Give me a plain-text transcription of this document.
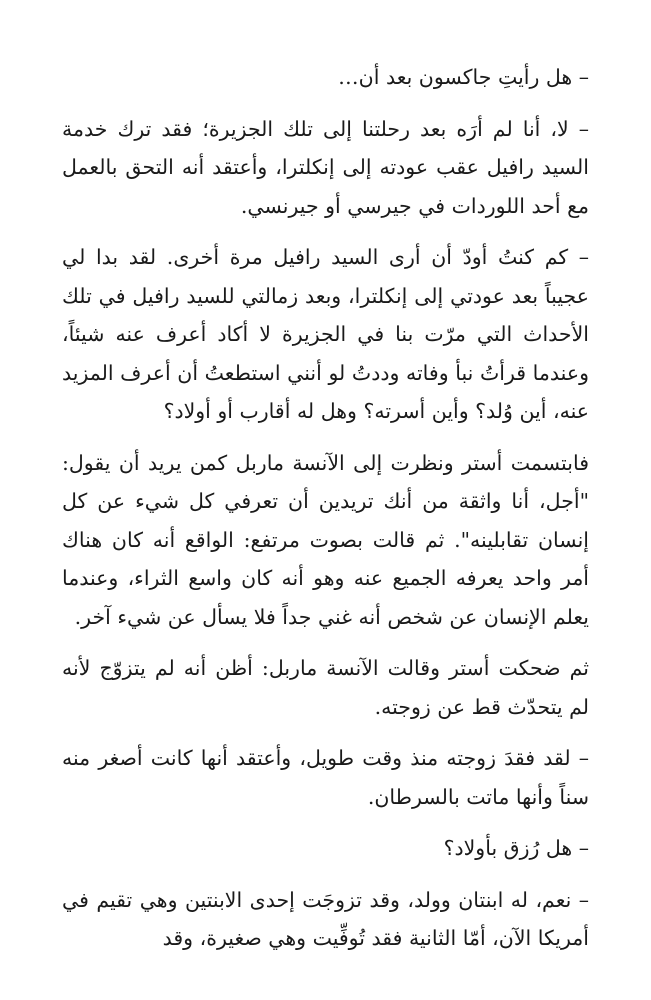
– هل رأيتِ جاكسون بعد أن…

– لا، أنا لم أرَه بعد رحلتنا إلى تلك الجزيرة؛ فقد ترك خدمة السيد رافيل عقب عودته إلى إنكلترا، وأعتقد أنه التحق بالعمل مع أحد اللوردات في جيرسي أو جيرنسي.

– كم كنتُ أودّ أن أرى السيد رافيل مرة أخرى. لقد بدا لي عجيباً بعد عودتي إلى إنكلترا، وبعد زمالتي للسيد رافيل في تلك الأحداث التي مرّت بنا في الجزيرة لا أكاد أعرف عنه شيئاً، وعندما قرأتُ نبأ وفاته وددتُ لو أنني استطعتُ أن أعرف المزيد عنه، أين وُلد؟ وأين أسرته؟ وهل له أقارب أو أولاد؟

فابتسمت أستر ونظرت إلى الآنسة ماربل كمن يريد أن يقول: "أجل، أنا واثقة من أنك تريدين أن تعرفي كل شيء عن كل إنسان تقابلينه". ثم قالت بصوت مرتفع: الواقع أنه كان هناك أمر واحد يعرفه الجميع عنه وهو أنه كان واسع الثراء، وعندما يعلم الإنسان عن شخص أنه غني جداً فلا يسأل عن شيء آخر.

ثم ضحكت أستر وقالت الآنسة ماربل: أظن أنه لم يتزوّج لأنه لم يتحدّث قط عن زوجته.

– لقد فقدَ زوجته منذ وقت طويل، وأعتقد أنها كانت أصغر منه سناً وأنها ماتت بالسرطان.

– هل رُزق بأولاد؟

– نعم، له ابنتان وولد، وقد تزوجَت إحدى الابنتين وهي تقيم في أمريكا الآن، أمّا الثانية فقد تُوفِّيت وهي صغيرة، وقد
